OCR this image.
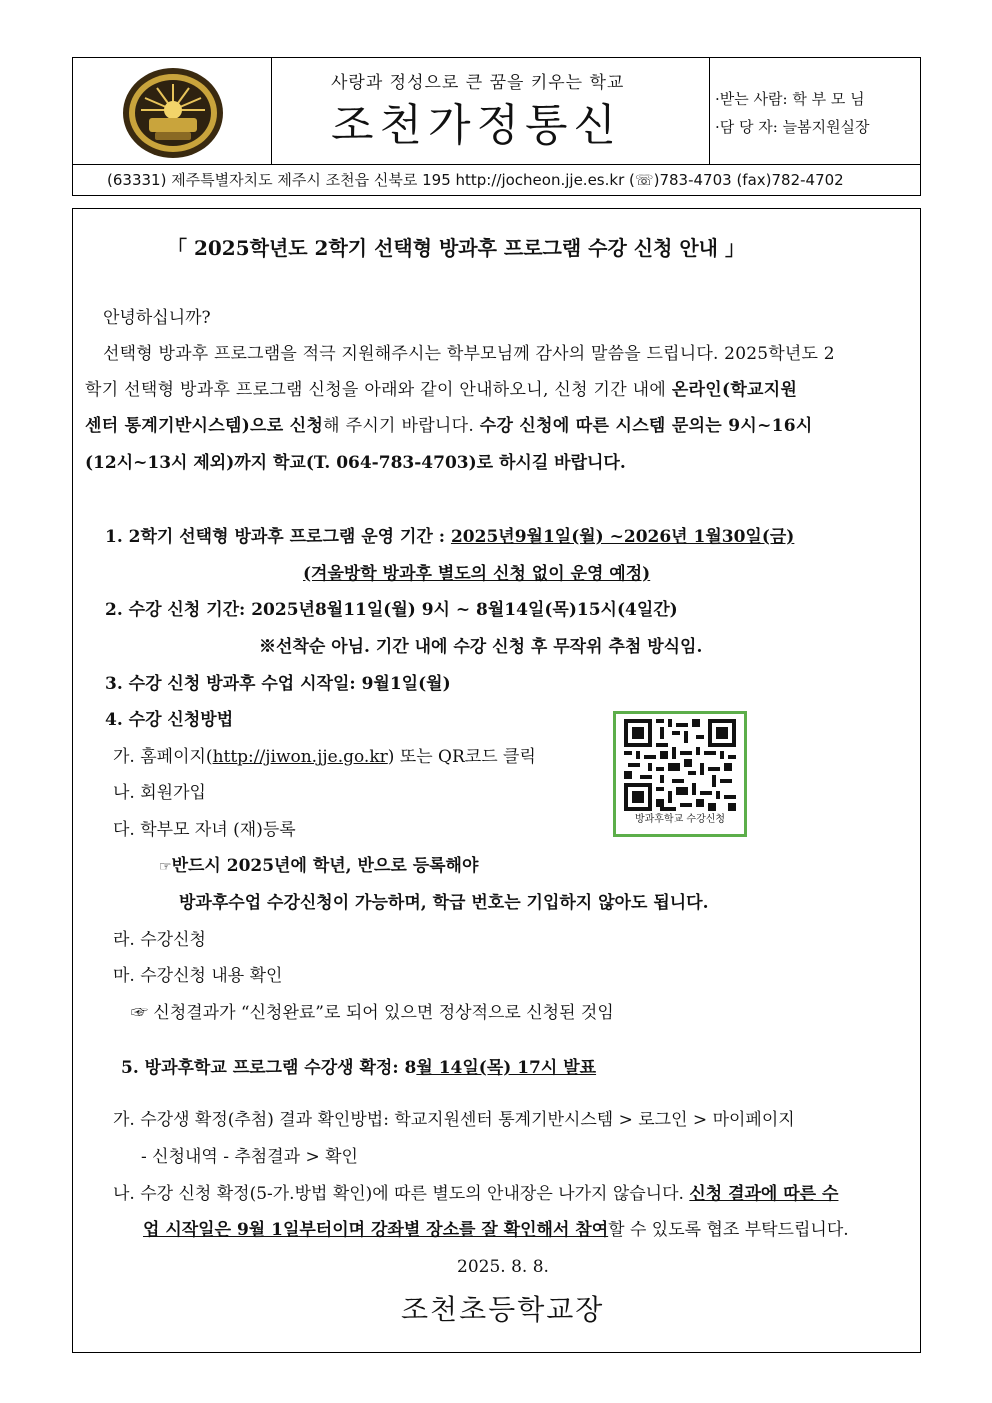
사랑과 정성으로 큰 꿈을 키우는 학교
조천가정통신
·받는 사람: 학 부 모 님
·담 당 자: 늘봄지원실장
(63331) 제주특별자치도 제주시 조천읍 신북로 195 http://jocheon.jje.es.kr (☏)783-4703 (fax)782-4702
「 2025학년도 2학기 선택형 방과후 프로그램 수강 신청 안내 」
안녕하십니까?
선택형 방과후 프로그램을 적극 지원해주시는 학부모님께 감사의 말씀을 드립니다. 2025학년도 2
학기 선택형 방과후 프로그램 신청을 아래와 같이 안내하오니, 신청 기간 내에 온라인(학교지원
센터 통계기반시스템)으로 신청해 주시기 바랍니다. 수강 신청에 따른 시스템 문의는 9시~16시
(12시~13시 제외)까지 학교(T. 064-783-4703)로 하시길 바랍니다.
1. 2학기 선택형 방과후 프로그램 운영 기간 : 2025년9월1일(월) ~2026년 1월30일(금)
(겨울방학 방과후 별도의 신청 없이 운영 예정)
2. 수강 신청 기간: 2025년8월11일(월) 9시 ~ 8월14일(목)15시(4일간)
※선착순 아님. 기간 내에 수강 신청 후 무작위 추첨 방식임.
3. 수강 신청 방과후 수업 시작일: 9월1일(월)
4. 수강 신청방법
가. 홈페이지(http://jiwon.jje.go.kr) 또는 QR코드 클릭
나. 회원가입
다. 학부모 자녀 (재)등록
☞반드시 2025년에 학년, 반으로 등록해야
방과후수업 수강신청이 가능하며, 학급 번호는 기입하지 않아도 됩니다.
라. 수강신청
마. 수강신청 내용 확인
☞ 신청결과가 “신청완료”로 되어 있으면 정상적으로 신청된 것임
방과후학교 수강신청
5. 방과후학교 프로그램 수강생 확정: 8월 14일(목) 17시 발표
가. 수강생 확정(추첨) 결과 확인방법: 학교지원센터 통계기반시스템 > 로그인 > 마이페이지
- 신청내역 - 추첨결과 > 확인
나. 수강 신청 확정(5-가.방법 확인)에 따른 별도의 안내장은 나가지 않습니다. 신청 결과에 따른 수
업 시작일은 9월 1일부터이며 강좌별 장소를 잘 확인해서 참여할 수 있도록 협조 부탁드립니다.
2025. 8. 8.
조천초등학교장
